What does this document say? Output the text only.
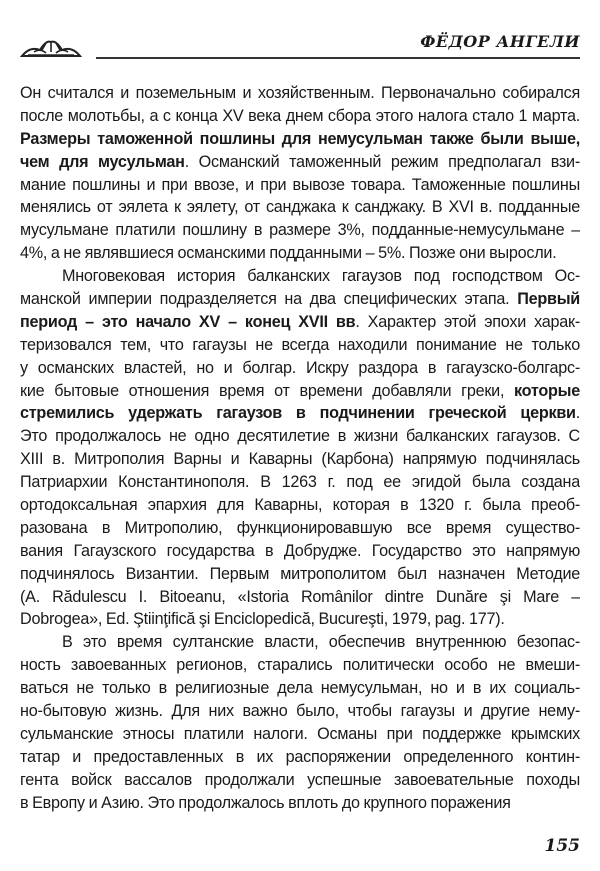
ФЁДОР АНГЕЛИ
Он считался и поземельным и хозяйственным. Первоначально собирался
после молотьбы, а с конца XV века днем сбора этого налога стало 1 марта.
Размеры таможенной пошлины для немусульман также были выше,
чем для мусульман. Османский таможенный режим предполагал взи-
мание пошлины и при ввозе, и при вывозе товара. Таможенные пошлины
менялись от эялета к эялету, от санджака к санджаку. В XVI в. подданные
мусульмане платили пошлину в размере 3%, подданные-немусульмане –
4%, а не являвшиеся османскими подданными – 5%. Позже они выросли.
Многовековая история балканских гагаузов под господством Ос-
манской империи подразделяется на два специфических этапа. Первый
период – это начало XV – конец XVII вв. Характер этой эпохи харак-
теризовался тем, что гагаузы не всегда находили понимание не только
у османских властей, но и болгар. Искру раздора в гагаузско-болгарс-
кие бытовые отношения время от времени добавляли греки, которые
стремились удержать гагаузов в подчинении греческой церкви.
Это продолжалось не одно десятилетие в жизни балканских гагаузов. С
XIII в. Митрополия Варны и Каварны (Карбона) напрямую подчинялась
Патриархии Константинополя. В 1263 г. под ее эгидой была создана
ортодоксальная эпархия для Каварны, которая в 1320 г. была преоб-
разована в Митрополию, функционировавшую все время существо-
вания Гагаузского государства в Добрудже. Государство это напрямую
подчинялось Византии. Первым митрополитом был назначен Методие
(A. Rădulescu I. Bitoeanu, «Istoria Românilor dintre Dunăre şi Mare –
Dobrogea», Ed. Ştiinţifică şi Enciclopedică, Bucureşti, 1979, pag. 177).
В это время султанские власти, обеспечив внутреннюю безопас-
ность завоеванных регионов, старались политически особо не вмеши-
ваться не только в религиозные дела немусульман, но и в их социаль-
но-бытовую жизнь. Для них важно было, чтобы гагаузы и другие нему-
сульманские этносы платили налоги. Османы при поддержке крымских
татар и предоставленных в их распоряжении определенного контин-
гента войск вассалов продолжали успешные завоевательные походы
в Европу и Азию. Это продолжалось вплоть до крупного поражения
155
